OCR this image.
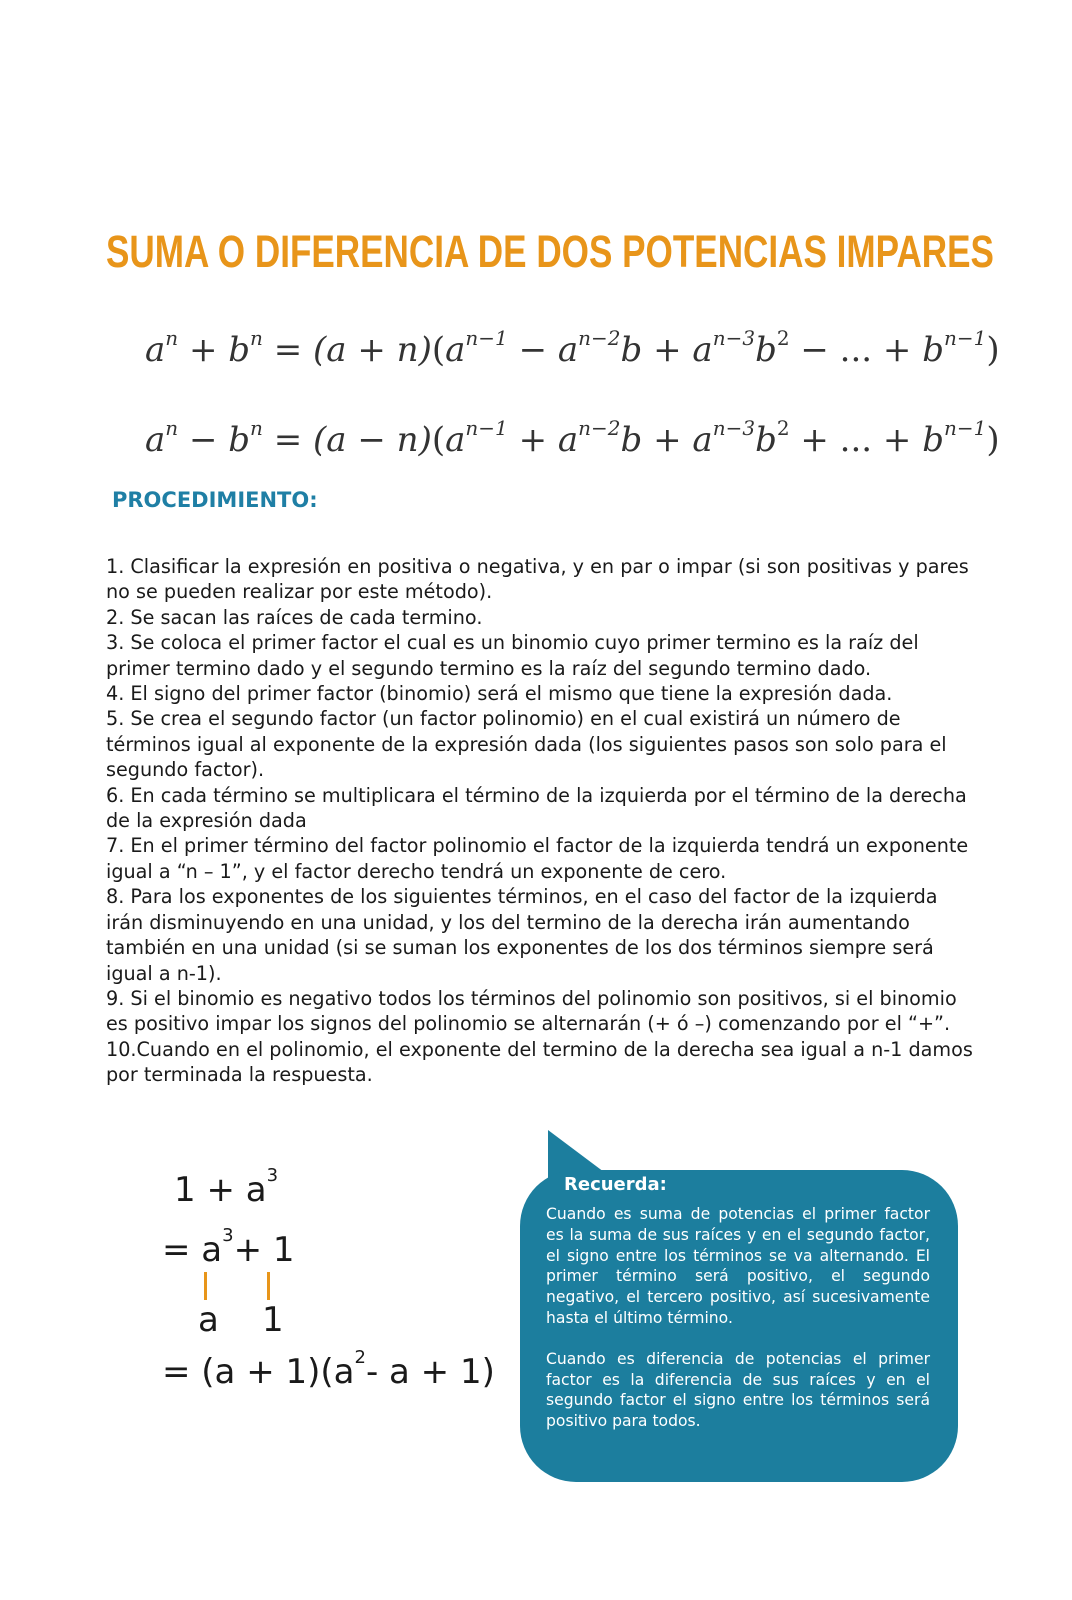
SUMA O DIFERENCIA DE DOS POTENCIAS IMPARES
$a^n + b^n = (a + n)(a^{n-1} - a^{n-2}b + a^{n-3}b^2$ − ... + $b^{n-1}$)
$a^n - b^n = (a - n)(a^{n-1} + a^{n-2}b + a^{n-3}b^2$ + ... + $b^{n-1}$)
PROCEDIMIENTO:

1. Clasificar la expresión en positiva o negativa, y en par o impar (si son positivas y pares no se pueden realizar por este método).

2. Se sacan las raíces de cada termino.

3. Se coloca el primer factor el cual es un binomio cuyo primer termino es la raíz del primer termino dado y el segundo termino es la raíz del segundo termino dado.

4. El signo del primer factor (binomio) será el mismo que tiene la expresión dada.

5. Se crea el segundo factor (un factor polinomio) en el cual existirá un número de términos igual al exponente de la expresión dada (los siguientes pasos son solo para el segundo factor).

6. En cada término se multiplicara el término de la izquierda por el término de la derecha de la expresión dada

7. En el primer término del factor polinomio el factor de la izquierda tendrá un exponente igual a “n – 1”, y el factor derecho tendrá un exponente de cero.

8. Para los exponentes de los siguientes términos, en el caso del factor de la izquierda irán disminuyendo en una unidad, y los del termino de la derecha irán aumentando también en una unidad (si se suman los exponentes de los dos términos siempre será igual a n-1).

9. Si el binomio es negativo todos los términos del polinomio son positivos, si el binomio es positivo impar los signos del polinomio se alternarán (+ ó –) comenzando por el “+”.

10.Cuando en el polinomio, el exponente del termino de la derecha sea igual a n-1 damos por terminada la respuesta.

$1 + a^3$
= $a^3+ 1$
a 1
= $(a + 1)(a^2-$ a + 1)
Recuerda:

Cuando es suma de potencias el primer factor es la suma de sus raíces y en el segundo factor, el signo entre los términos se va alternando. El primer término será positivo, el segundo negativo, el tercero positivo, así sucesivamente hasta el último término.

Cuando es diferencia de potencias el primer factor es la diferencia de sus raíces y en el segundo factor el signo entre los términos será positivo para todos.
